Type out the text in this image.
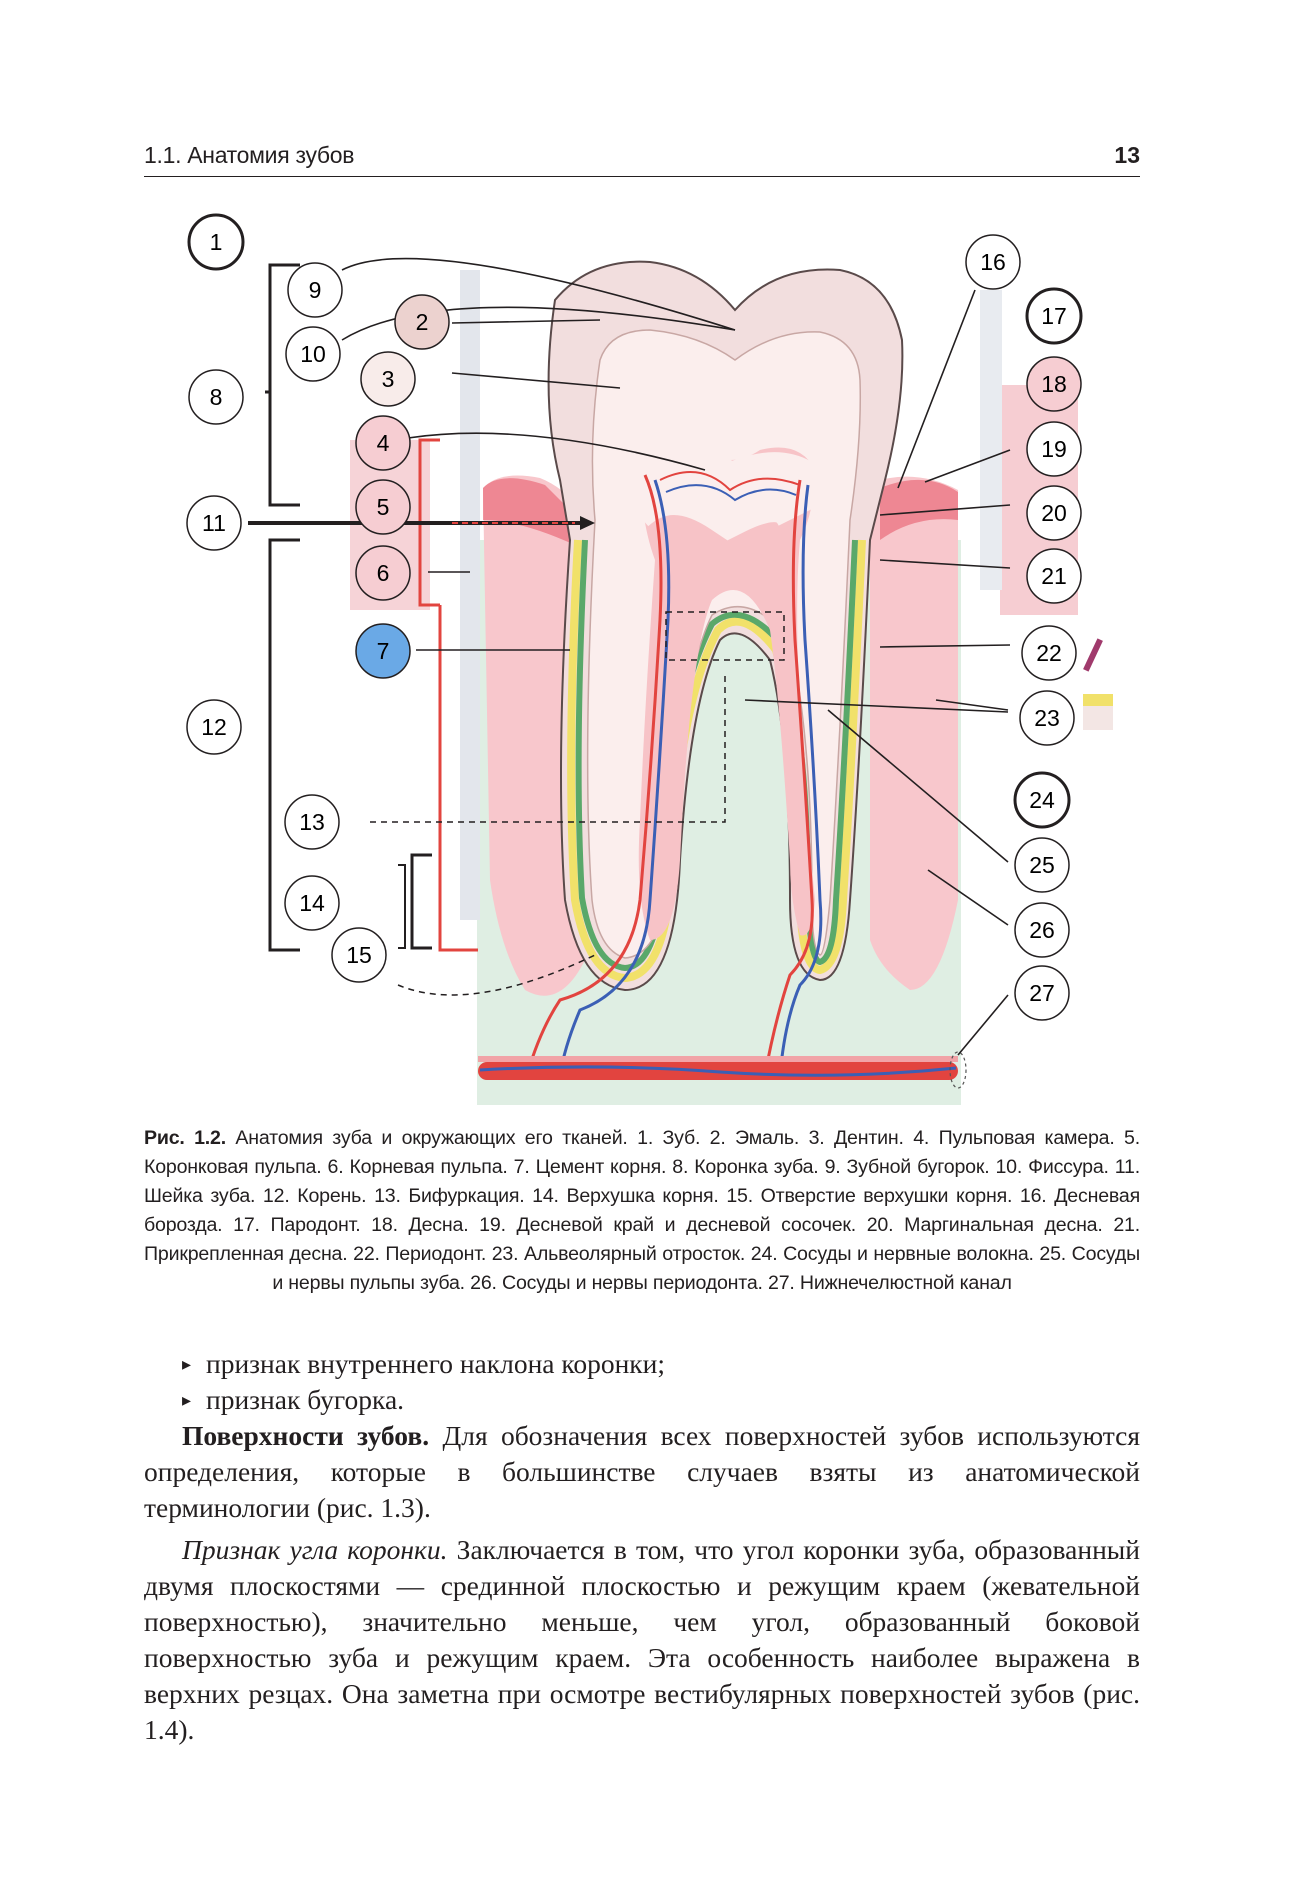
1.1. Анатомия зубов	13
1
2
3
4
5
6
7
8
9
10
11
12
13
14
15
16
17
18
19
20
21
22
23
24
25
26
27
Рис. 1.2. Анатомия зуба и окружающих его тканей. 1. Зуб. 2. Эмаль. 3. Дентин. 4. Пульповая камера. 5. Коронковая пульпа. 6. Корневая пульпа. 7. Цемент корня. 8. Коронка зуба. 9. Зубной бугорок. 10. Фиссура. 11. Шейка зуба. 12. Корень. 13. Бифуркация. 14. Верхушка корня. 15. Отверстие верхушки корня. 16. Десневая борозда. 17. Пародонт. 18. Десна. 19. Десневой край и десневой сосочек. 20. Маргинальная десна. 21. Прикрепленная десна. 22. Периодонт. 23. Альвеолярный отросток. 24. Сосуды и нервные волокна. 25. Сосуды и нервы пульпы зуба. 26. Сосуды и нервы периодонта. 27. Нижнечелюстной канал
▸ признак внутреннего наклона коронки;
▸ признак бугорка.

Поверхности зубов. Для обозначения всех поверхностей зубов используются определения, которые в большинстве случаев взяты из анатомической терминологии (рис. 1.3).

Признак угла коронки. Заключается в том, что угол коронки зуба, образованный двумя плоскостями — срединной плоскостью и режущим краем (жевательной поверхностью), значительно меньше, чем угол, образованный боковой поверхностью зуба и режущим краем. Эта особенность наиболее выражена в верхних резцах. Она заметна при осмотре вестибулярных поверхностей зубов (рис. 1.4).
